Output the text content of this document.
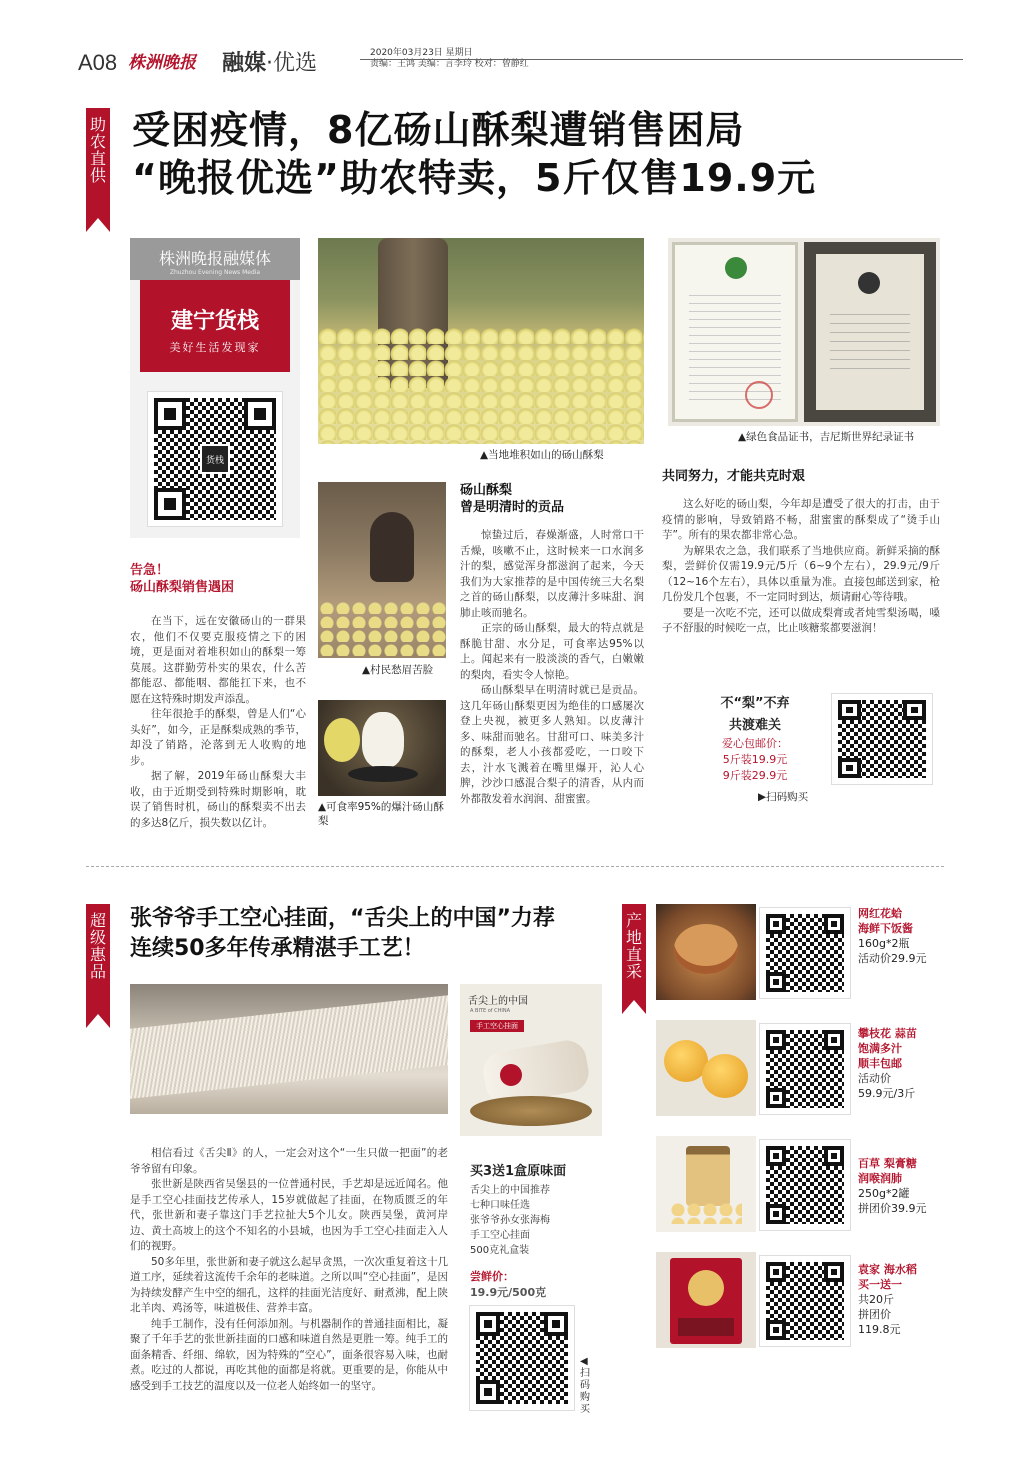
A08 株洲晚报 融媒·优选	2020年03月23日 星期日
责编：王鸿 美编：言李玲 校对：曾静红
助农直供
受困疫情，8亿砀山酥梨遭销售困局
“晚报优选”助农特卖，5斤仅售19.9元
株洲晚报融媒体
Zhuzhou Evening News Media
建宁货栈
美好生活发现家
货栈	▲当地堆积如山的砀山酥梨
▲绿色食品证书，吉尼斯世界纪录证书
▲村民愁眉苦脸
▲可食率95%的爆汁砀山酥梨
告急！
砀山酥梨销售遇困

在当下，远在安徽砀山的一群果农，他们不仅要克服疫情之下的困境，更是面对着堆积如山的酥梨一筹莫展。这群勤劳朴实的果农，什么苦都能忍、都能咽、都能扛下来，也不愿在这特殊时期发声添乱。

往年很抢手的酥梨，曾是人们“心头好”，如今，正是酥梨成熟的季节，却没了销路，沦落到无人收购的地步。

据了解，2019年砀山酥梨大丰收，由于近期受到特殊时期影响，耽误了销售时机，砀山的酥梨卖不出去的多达8亿斤，损失数以亿计。

砀山酥梨
曾是明清时的贡品

惊蛰过后，春燥渐盛，人时常口干舌燥，咳嗽不止，这时候来一口水润多汁的梨，感觉浑身都滋润了起来，今天我们为大家推荐的是中国传统三大名梨之首的砀山酥梨，以皮薄汁多味甜、润肺止咳而驰名。

正宗的砀山酥梨，最大的特点就是酥脆甘甜、水分足，可食率达95%以上。闻起来有一股淡淡的香气，白嫩嫩的梨肉，看实令人惊艳。

砀山酥梨早在明清时就已是贡品。这几年砀山酥梨更因为绝佳的口感屡次登上央视，被更多人熟知。以皮薄汁多、味甜而驰名。甘甜可口、味美多汁的酥梨，老人小孩都爱吃，一口咬下去，汁水飞溅着在嘴里爆开，沁人心脾，沙沙口感混合梨子的清香，从内而外都散发着水润润、甜蜜蜜。

共同努力，才能共克时艰

这么好吃的砀山梨，今年却是遭受了很大的打击，由于疫情的影响，导致销路不畅，甜蜜蜜的酥梨成了“烫手山芋”。所有的果农都非常心急。

为解果农之急，我们联系了当地供应商。新鲜采摘的酥梨，尝鲜价仅需19.9元/5斤（6~9个左右），29.9元/9斤（12~16个左右），具体以重量为准。直接包邮送到家，枪几份发几个包裹，不一定同时到达，烦请耐心等待哦。

要是一次吃不完，还可以做成梨膏或者炖雪梨汤喝，嗓子不舒服的时候吃一点，比止咳糖浆都要滋润！

不“梨”不弃
共渡难关
爱心包邮价：
5斤装19.9元
9斤装29.9元
▶扫码购买
超级惠品
张爷爷手工空心挂面，“舌尖上的中国”力荐
连续50多年传承精湛手工艺！
舌尖上的中国
A BITE of CHINA
手工空心挂面

相信看过《舌尖Ⅱ》的人，一定会对这个“一生只做一把面”的老爷爷留有印象。

张世新是陕西省吴堡县的一位普通村民，手艺却是远近闻名。他是手工空心挂面技艺传承人，15岁就做起了挂面，在物质匮乏的年代，张世新和妻子靠这门手艺拉扯大5个儿女。陕西吴堡，黄河岸边、黄土高坡上的这个不知名的小县城，也因为手工空心挂面走入人们的视野。

50多年里，张世新和妻子就这么起早贪黑，一次次重复着这十几道工序，延续着这流传千余年的老味道。之所以叫“空心挂面”，是因为持续发酵产生中空的细孔，这样的挂面光洁度好、耐煮沸，配上陕北羊肉、鸡汤等，味道极佳、营养丰富。

纯手工制作，没有任何添加剂。与机器制作的普通挂面相比，凝聚了千年手艺的张世新挂面的口感和味道自然是更胜一筹。纯手工的面条精香、纤细、绵软，因为特殊的“空心”，面条很容易入味，也耐煮。吃过的人都说，再吃其他的面都是将就。更重要的是，你能从中感受到手工技艺的温度以及一位老人始终如一的坚守。

买3送1盒原味面
舌尖上的中国推荐
七种口味任选
张爷爷孙女张海梅
手工空心挂面
500克礼盒装
尝鲜价：
19.9元/500克
◀扫码购买
产地直采
网红花蛤
海鲜下饭酱
160g*2瓶
活动价29.9元
攀枝花 蒜苗
饱满多汁
顺丰包邮
活动价
59.9元/3斤
百草 梨膏糖
润喉润肺
250g*2罐
拼团价39.9元
袁家 海水稻
买一送一
共20斤
拼团价
119.8元
